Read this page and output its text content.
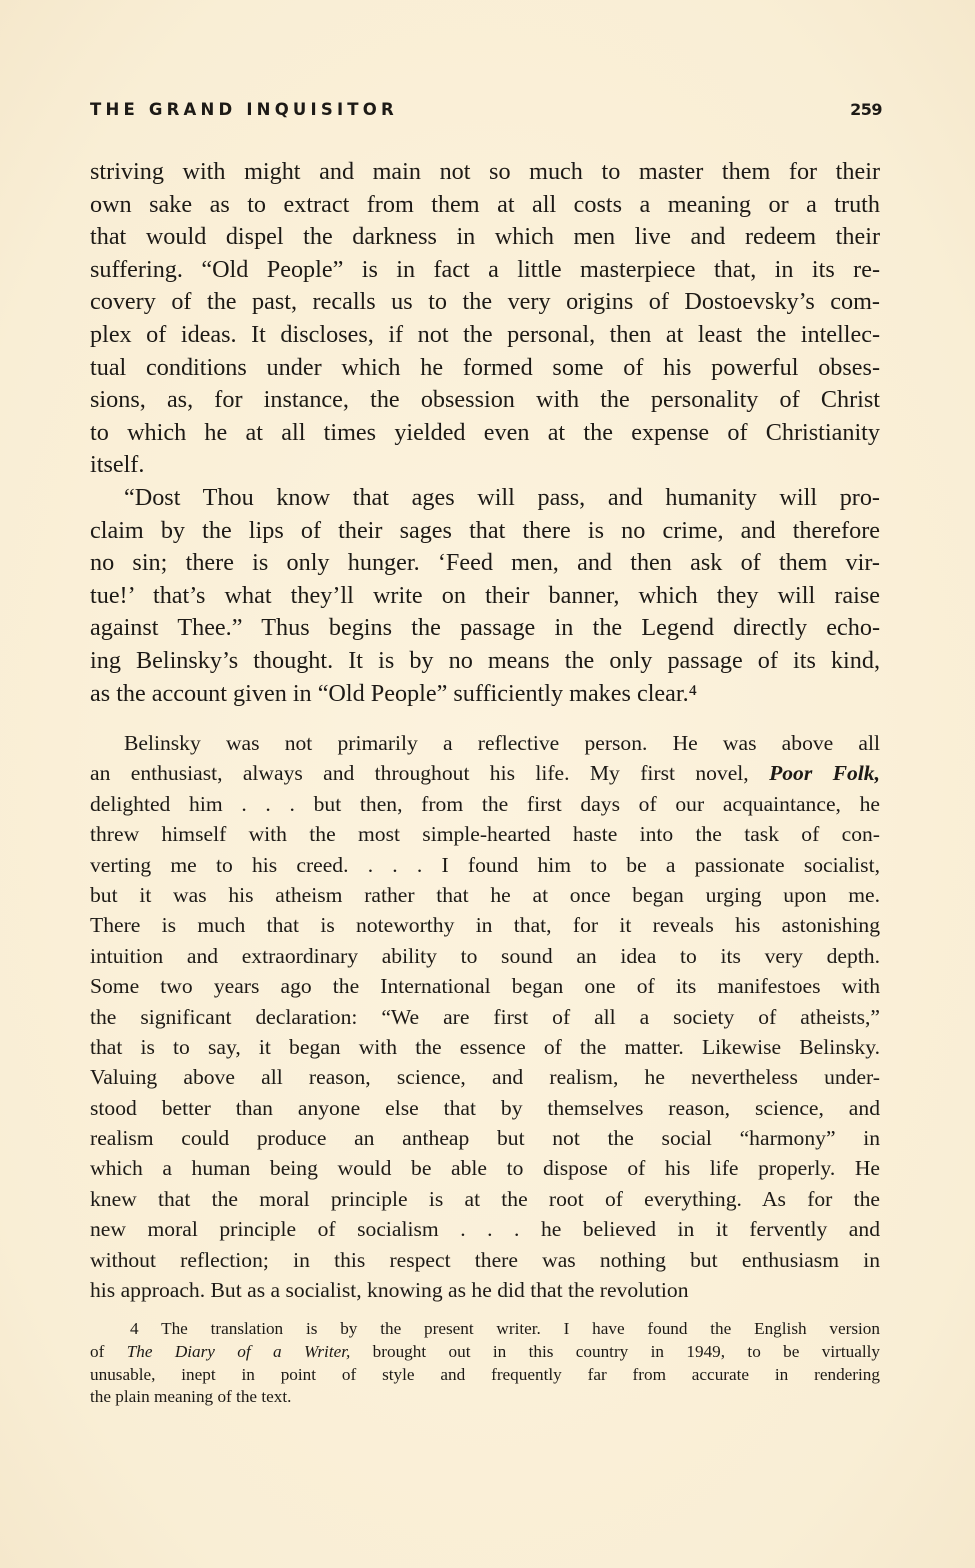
THE GRAND INQUISITOR	259
striving with might and main not so much to master them for their
own sake as to extract from them at all costs a meaning or a truth
that would dispel the darkness in which men live and redeem their
suffering. “Old People” is in fact a little masterpiece that, in its re-
covery of the past, recalls us to the very origins of Dostoevsky’s com-
plex of ideas. It discloses, if not the personal, then at least the intellec-
tual conditions under which he formed some of his powerful obses-
sions, as, for instance, the obsession with the personality of Christ
to which he at all times yielded even at the expense of Christianity
itself.
“Dost Thou know that ages will pass, and humanity will pro-
claim by the lips of their sages that there is no crime, and therefore
no sin; there is only hunger. ‘Feed men, and then ask of them vir-
tue!’ that’s what they’ll write on their banner, which they will raise
against Thee.” Thus begins the passage in the Legend directly echo-
ing Belinsky’s thought. It is by no means the only passage of its kind,
as the account given in “Old People” sufficiently makes clear.⁴
Belinsky was not primarily a reflective person. He was above all
an enthusiast, always and throughout his life. My first novel, Poor Folk,
delighted him . . . but then, from the first days of our acquaintance, he
threw himself with the most simple-hearted haste into the task of con-
verting me to his creed. . . . I found him to be a passionate socialist,
but it was his atheism rather that he at once began urging upon me.
There is much that is noteworthy in that, for it reveals his astonishing
intuition and extraordinary ability to sound an idea to its very depth.
Some two years ago the International began one of its manifestoes with
the significant declaration: “We are first of all a society of atheists,”
that is to say, it began with the essence of the matter. Likewise Belinsky.
Valuing above all reason, science, and realism, he nevertheless under-
stood better than anyone else that by themselves reason, science, and
realism could produce an antheap but not the social “harmony” in
which a human being would be able to dispose of his life properly. He
knew that the moral principle is at the root of everything. As for the
new moral principle of socialism . . . he believed in it fervently and
without reflection; in this respect there was nothing but enthusiasm in
his approach. But as a socialist, knowing as he did that the revolution
4 The translation is by the present writer. I have found the English version
of The Diary of a Writer, brought out in this country in 1949, to be virtually
unusable, inept in point of style and frequently far from accurate in rendering
the plain meaning of the text.
